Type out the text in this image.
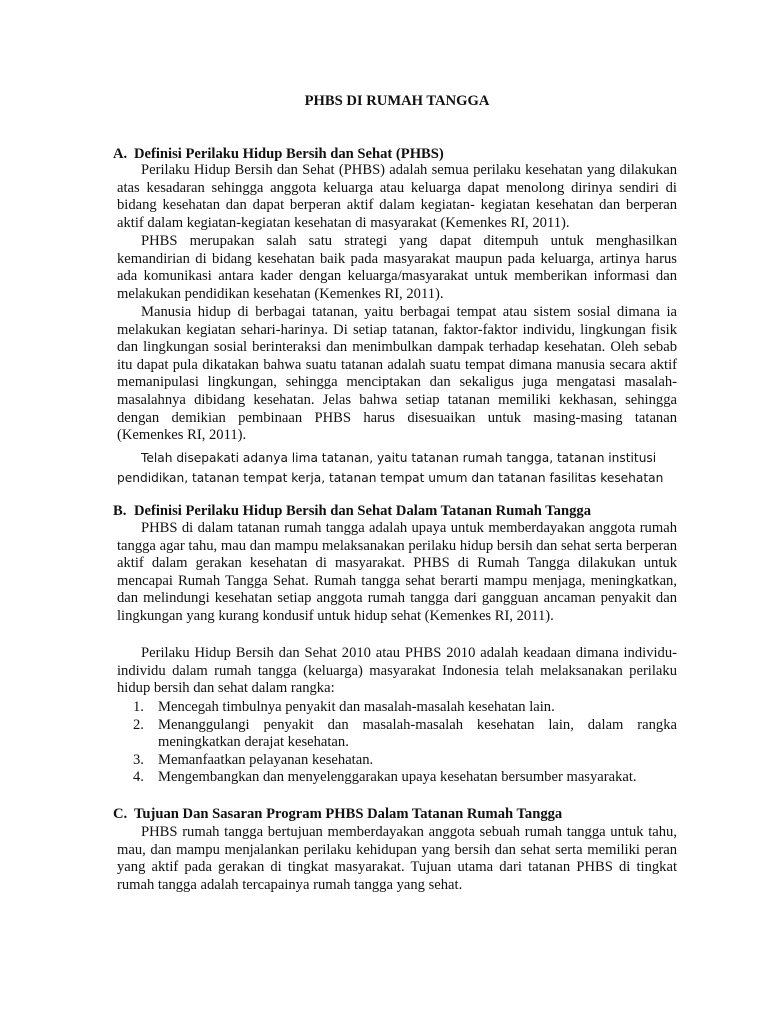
PHBS DI RUMAH TANGGA
A. Definisi Perilaku Hidup Bersih dan Sehat (PHBS)

Perilaku Hidup Bersih dan Sehat (PHBS) adalah semua perilaku kesehatan yang dilakukan atas kesadaran sehingga anggota keluarga atau keluarga dapat menolong dirinya sendiri di bidang kesehatan dan dapat berperan aktif dalam kegiatan- kegiatan kesehatan dan berperan aktif dalam kegiatan-kegiatan kesehatan di masyarakat (Kemenkes RI, 2011).

PHBS merupakan salah satu strategi yang dapat ditempuh untuk menghasilkan kemandirian di bidang kesehatan baik pada masyarakat maupun pada keluarga, artinya harus ada komunikasi antara kader dengan keluarga/masyarakat untuk memberikan informasi dan melakukan pendidikan kesehatan (Kemenkes RI, 2011).

Manusia hidup di berbagai tatanan, yaitu berbagai tempat atau sistem sosial dimana ia melakukan kegiatan sehari-harinya. Di setiap tatanan, faktor-faktor individu, lingkungan fisik dan lingkungan sosial berinteraksi dan menimbulkan dampak terhadap kesehatan. Oleh sebab itu dapat pula dikatakan bahwa suatu tatanan adalah suatu tempat dimana manusia secara aktif memanipulasi lingkungan, sehingga menciptakan dan sekaligus juga mengatasi masalah-masalahnya dibidang kesehatan. Jelas bahwa setiap tatanan memiliki kekhasan, sehingga dengan demikian pembinaan PHBS harus disesuaikan untuk masing-masing tatanan (Kemenkes RI, 2011).

Telah disepakati adanya lima tatanan, yaitu tatanan rumah tangga, tatanan institusi pendidikan, tatanan tempat kerja, tatanan tempat umum dan tatanan fasilitas kesehatan

B. Definisi Perilaku Hidup Bersih dan Sehat Dalam Tatanan Rumah Tangga

PHBS di dalam tatanan rumah tangga adalah upaya untuk memberdayakan anggota rumah tangga agar tahu, mau dan mampu melaksanakan perilaku hidup bersih dan sehat serta berperan aktif dalam gerakan kesehatan di masyarakat. PHBS di Rumah Tangga dilakukan untuk mencapai Rumah Tangga Sehat. Rumah tangga sehat berarti mampu menjaga, meningkatkan, dan melindungi kesehatan setiap anggota rumah tangga dari gangguan ancaman penyakit dan lingkungan yang kurang kondusif untuk hidup sehat (Kemenkes RI, 2011).

Perilaku Hidup Bersih dan Sehat 2010 atau PHBS 2010 adalah keadaan dimana individu-individu dalam rumah tangga (keluarga) masyarakat Indonesia telah melaksanakan perilaku hidup bersih dan sehat dalam rangka:

1. Mencegah timbulnya penyakit dan masalah-masalah kesehatan lain.
2. Menanggulangi penyakit dan masalah-masalah kesehatan lain, dalam rangka meningkatkan derajat kesehatan.
3. Memanfaatkan pelayanan kesehatan.
4. Mengembangkan dan menyelenggarakan upaya kesehatan bersumber masyarakat.
C. Tujuan Dan Sasaran Program PHBS Dalam Tatanan Rumah Tangga

PHBS rumah tangga bertujuan memberdayakan anggota sebuah rumah tangga untuk tahu, mau, dan mampu menjalankan perilaku kehidupan yang bersih dan sehat serta memiliki peran yang aktif pada gerakan di tingkat masyarakat. Tujuan utama dari tatanan PHBS di tingkat rumah tangga adalah tercapainya rumah tangga yang sehat.
